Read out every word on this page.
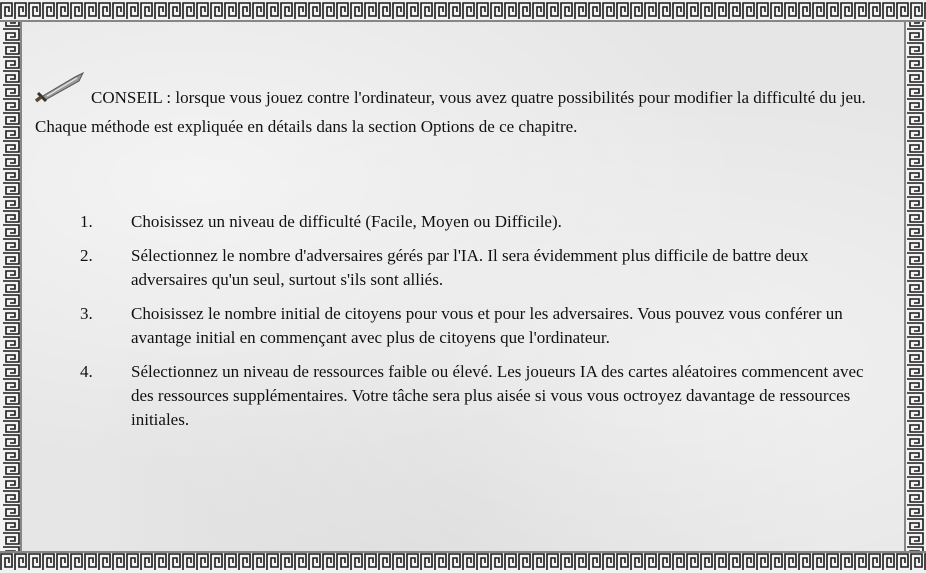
CONSEIL : lorsque vous jouez contre l'ordinateur, vous avez quatre possibilités pour modifier la difficulté du jeu. Chaque méthode est expliquée en détails dans la section Options de ce chapitre.

1. Choisissez un niveau de difficulté (Facile, Moyen ou Difficile).
2. Sélectionnez le nombre d'adversaires gérés par l'IA. Il sera évidemment plus difficile de battre deux adversaires qu'un seul, surtout s'ils sont alliés.
3. Choisissez le nombre initial de citoyens pour vous et pour les adversaires. Vous pouvez vous conférer un avantage initial en commençant avec plus de citoyens que l'ordinateur.
4. Sélectionnez un niveau de ressources faible ou élevé. Les joueurs IA des cartes aléatoires commencent avec des ressources supplémentaires. Votre tâche sera plus aisée si vous vous octroyez davantage de ressources initiales.
